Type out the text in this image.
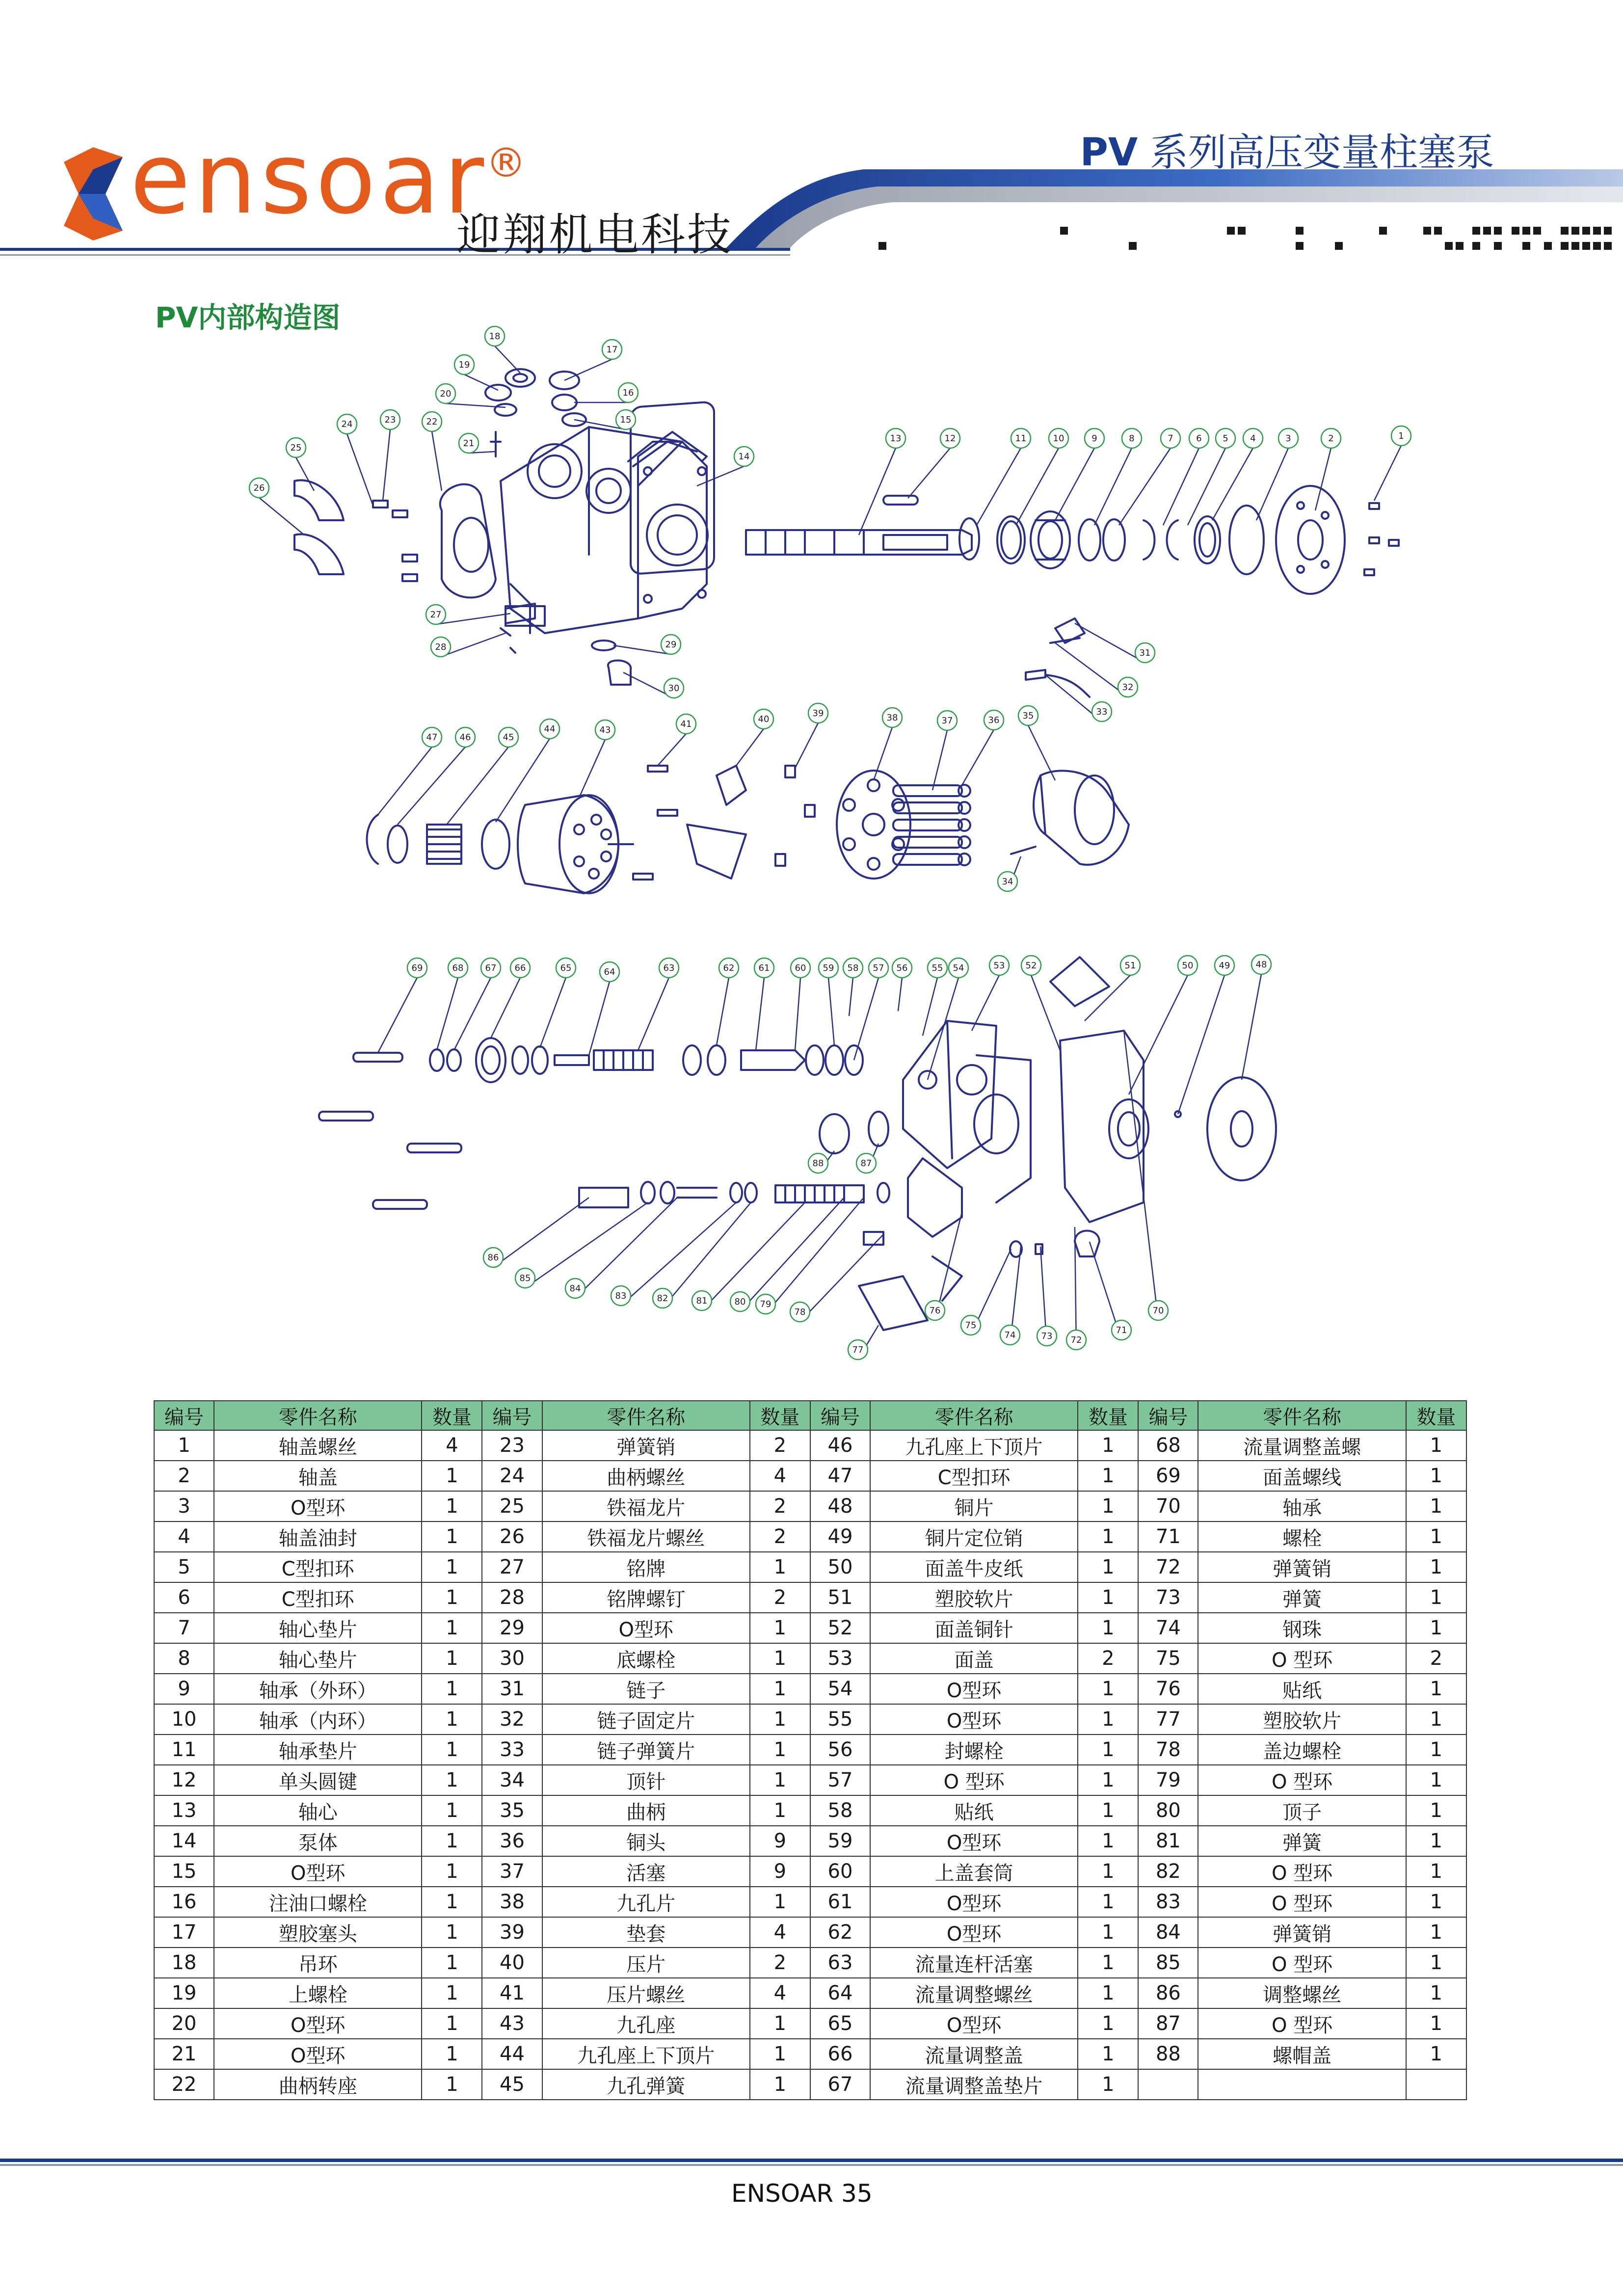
ensoar
®
迎翔机电科技
PV 系列高压变量柱塞泵
PV内部构造图
1
2
3
4
5
6
7
8
9
10
11
12
13
14
15
16
17
18
19
20
21
22
23
24
25
26
27
28	29
30
31
32
33
34
35
36
37
38
39
40
41
43
44
45
46
47
48
49
50
51
52
53
54
55
56
57
58
59
60
61
62
63
64
65
66
67
68
69
70
71
72
73
74
75
76
77
78
79
80
81
82
83
84
85
86
87
88
编号	零件名称	数量	编号	零件名称	数量	编号	零件名称	数量	编号	零件名称	数量
1	轴盖螺丝	4	23	弹簧销	2	46	九孔座上下顶片	1	68	流量调整盖螺	1
2	轴盖	1	24	曲柄螺丝	4	47	C型扣环	1	69	面盖螺线	1
3	O型环	1	25	铁福龙片	2	48	铜片	1	70	轴承	1
4	轴盖油封	1	26	铁福龙片螺丝	2	49	铜片定位销	1	71	螺栓	1
5	C型扣环	1	27	铭牌	1	50	面盖牛皮纸	1	72	弹簧销	1
6	C型扣环	1	28	铭牌螺钉	2	51	塑胶软片	1	73	弹簧	1
7	轴心垫片	1	29	O型环	1	52	面盖铜针	1	74	钢珠	1
8	轴心垫片	1	30	底螺栓	1	53	面盖	2	75	O 型环	2
9	轴承（外环）	1	31	链子	1	54	O型环	1	76	贴纸	1
10	轴承（内环）	1	32	链子固定片	1	55	O型环	1	77	塑胶软片	1
11	轴承垫片	1	33	链子弹簧片	1	56	封螺栓	1	78	盖边螺栓	1
12	单头圆键	1	34	顶针	1	57	O 型环	1	79	O 型环	1
13	轴心	1	35	曲柄	1	58	贴纸	1	80	顶子	1
14	泵体	1	36	铜头	9	59	O型环	1	81	弹簧	1
15	O型环	1	37	活塞	9	60	上盖套筒	1	82	O 型环	1
16	注油口螺栓	1	38	九孔片	1	61	O型环	1	83	O 型环	1
17	塑胶塞头	1	39	垫套	4	62	O型环	1	84	弹簧销	1
18	吊环	1	40	压片	2	63	流量连杆活塞	1	85	O 型环	1
19	上螺栓	1	41	压片螺丝	4	64	流量调整螺丝	1	86	调整螺丝	1
20	O型环	1	43	九孔座	1	65	O型环	1	87	O 型环	1
21	O型环	1	44	九孔座上下顶片	1	66	流量调整盖	1	88	螺帽盖	1
22	曲柄转座	1	45	九孔弹簧	1	67	流量调整盖垫片	1			
ENSOAR 35
